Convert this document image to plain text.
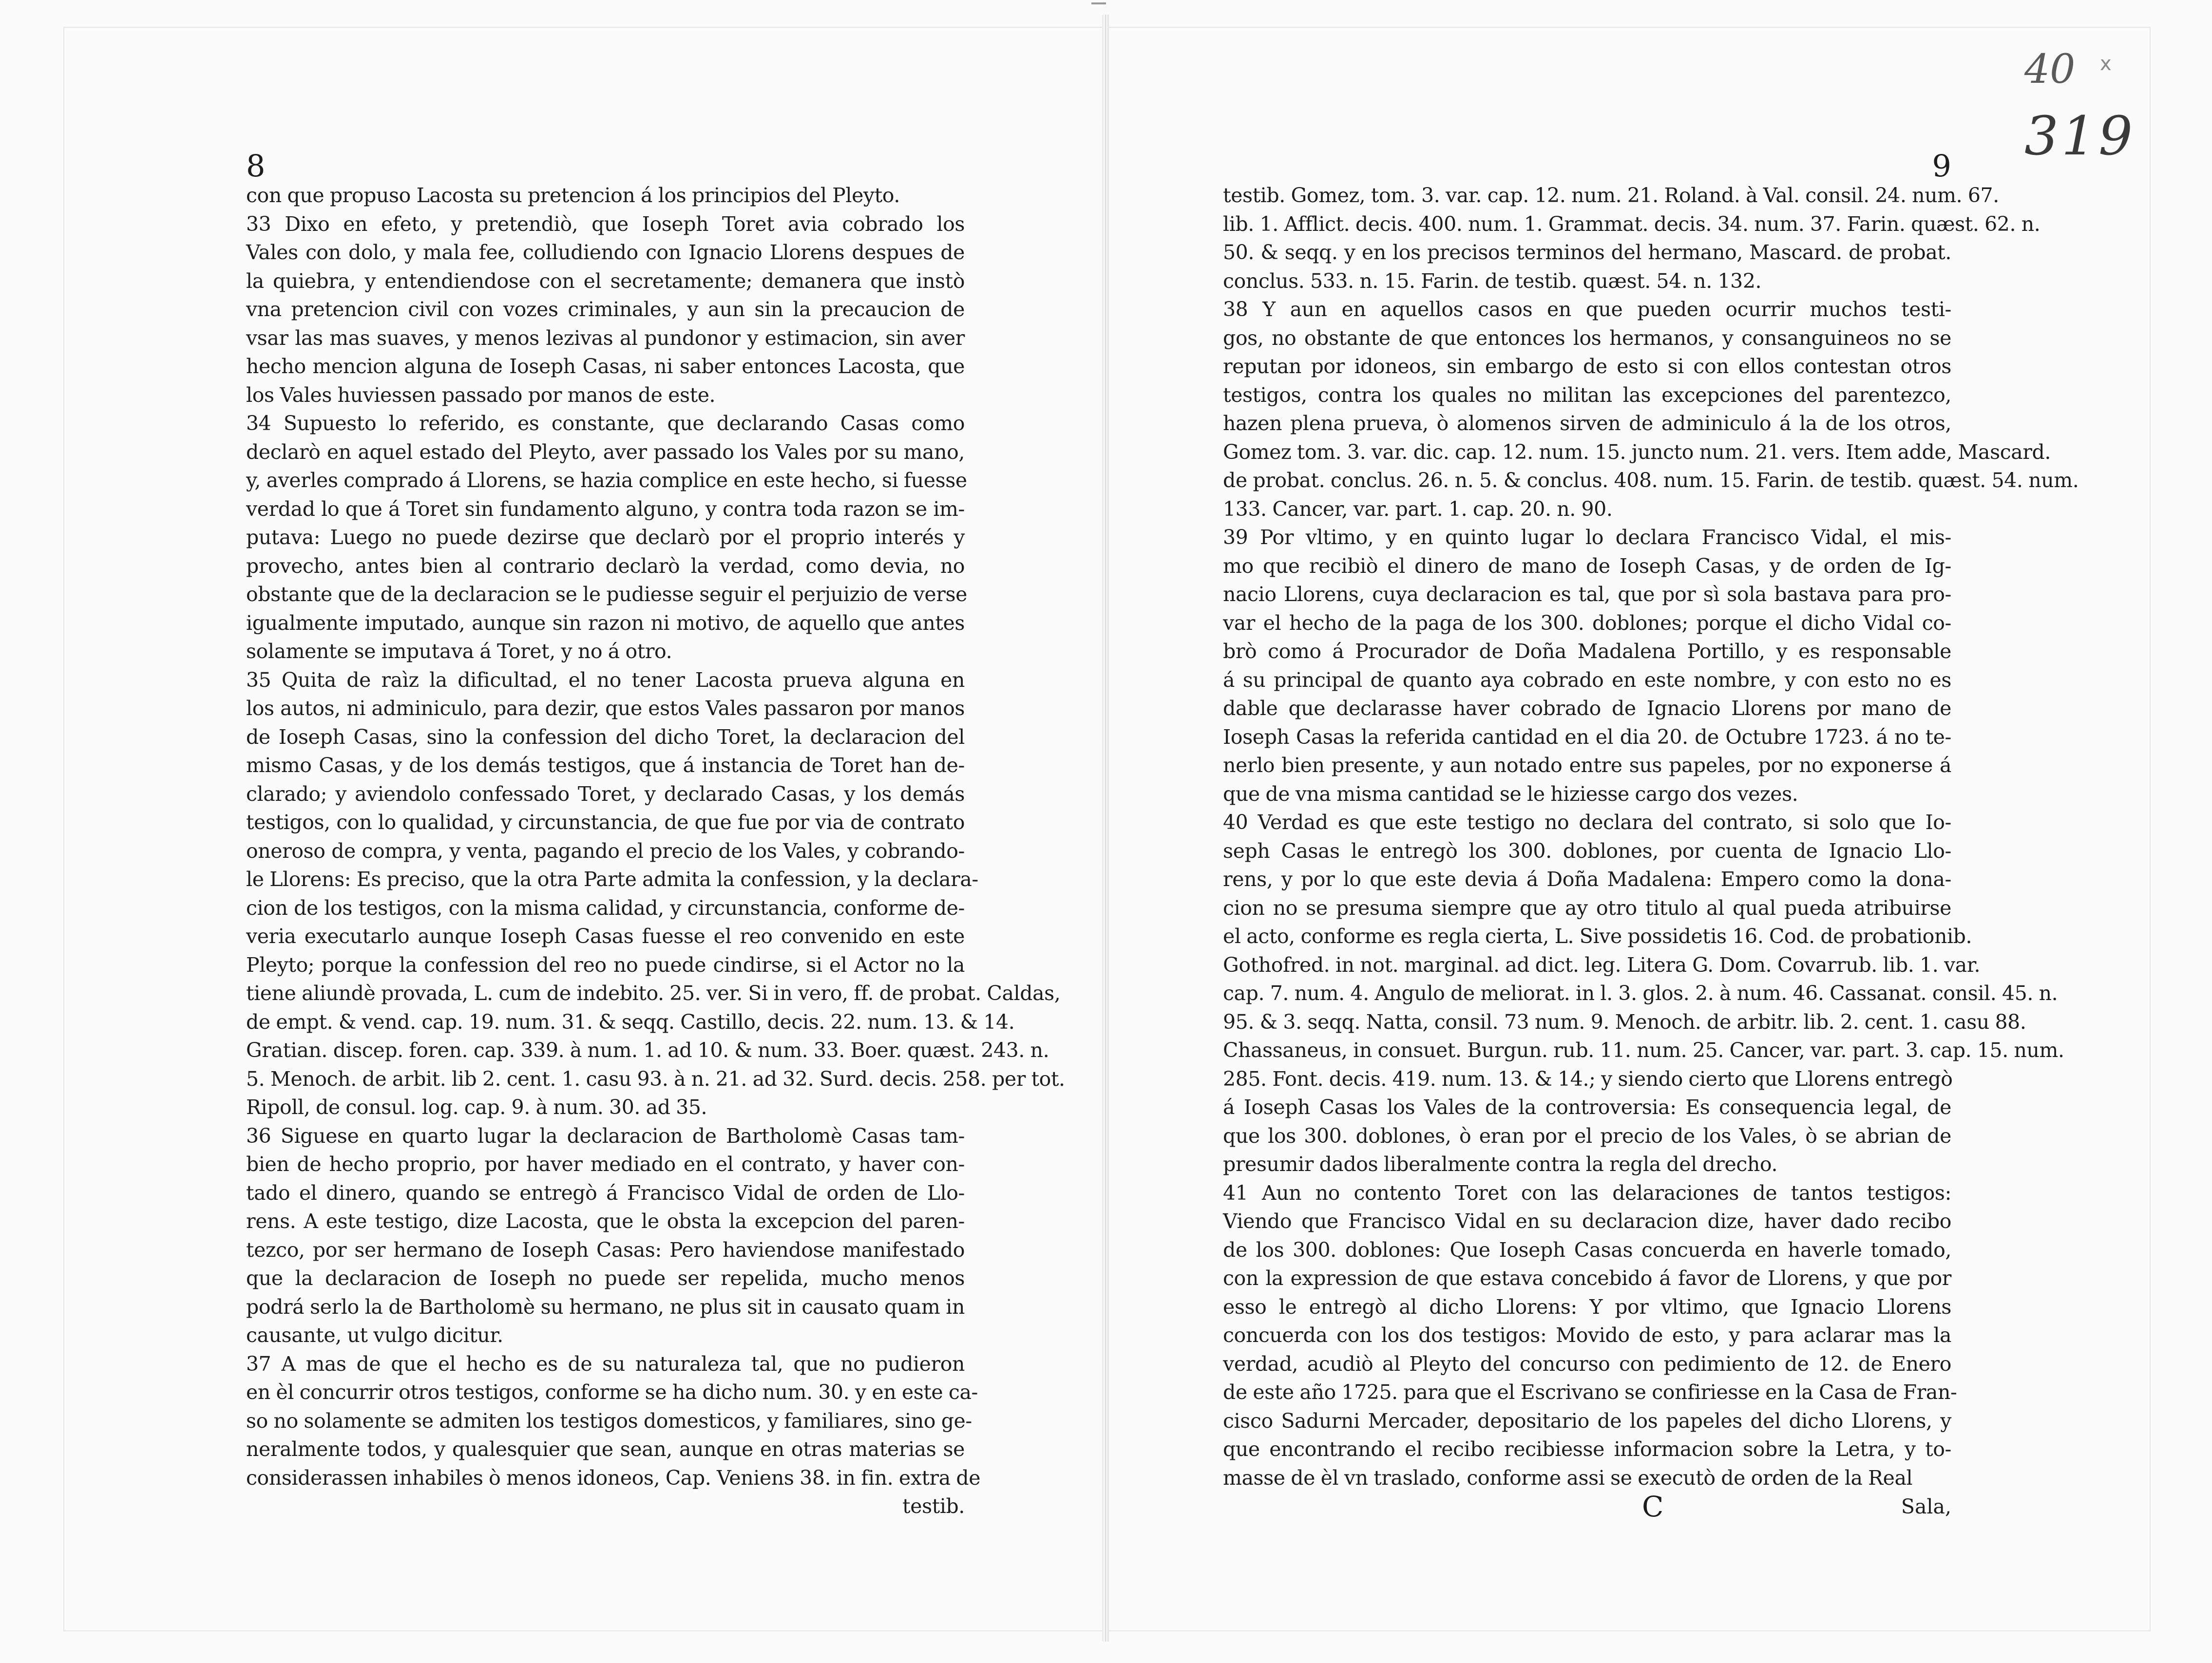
40 x
319
8
con que propuso Lacosta su pretencion á los principios del Pleyto.
33 Dixo en efeto, y pretendiò, que Ioseph Toret avia cobrado los
Vales con dolo, y mala fee, colludiendo con Ignacio Llorens despues de
la quiebra, y entendiendose con el secretamente; demanera que instò
vna pretencion civil con vozes criminales, y aun sin la precaucion de
vsar las mas suaves, y menos lezivas al pundonor y estimacion, sin aver
hecho mencion alguna de Ioseph Casas, ni saber entonces Lacosta, que
los Vales huviessen passado por manos de este.
34 Supuesto lo referido, es constante, que declarando Casas como
declarò en aquel estado del Pleyto, aver passado los Vales por su mano,
y, averles comprado á Llorens, se hazia complice en este hecho, si fuesse
verdad lo que á Toret sin fundamento alguno, y contra toda razon se im-
putava: Luego no puede dezirse que declarò por el proprio interés y
provecho, antes bien al contrario declarò la verdad, como devia, no
obstante que de la declaracion se le pudiesse seguir el perjuizio de verse
igualmente imputado, aunque sin razon ni motivo, de aquello que antes
solamente se imputava á Toret, y no á otro.
35 Quita de raìz la dificultad, el no tener Lacosta prueva alguna en
los autos, ni adminiculo, para dezir, que estos Vales passaron por manos
de Ioseph Casas, sino la confession del dicho Toret, la declaracion del
mismo Casas, y de los demás testigos, que á instancia de Toret han de-
clarado; y aviendolo confessado Toret, y declarado Casas, y los demás
testigos, con lo qualidad, y circunstancia, de que fue por via de contrato
oneroso de compra, y venta, pagando el precio de los Vales, y cobrando-
le Llorens: Es preciso, que la otra Parte admita la confession, y la declara-
cion de los testigos, con la misma calidad, y circunstancia, conforme de-
veria executarlo aunque Ioseph Casas fuesse el reo convenido en este
Pleyto; porque la confession del reo no puede cindirse, si el Actor no la
tiene aliundè provada, L. cum de indebito. 25. ver. Si in vero, ff. de probat. Caldas,
de empt. & vend. cap. 19. num. 31. & seqq. Castillo, decis. 22. num. 13. & 14.
Gratian. discep. foren. cap. 339. à num. 1. ad 10. & num. 33. Boer. quæst. 243. n.
5. Menoch. de arbit. lib 2. cent. 1. casu 93. à n. 21. ad 32. Surd. decis. 258. per tot.
Ripoll, de consul. log. cap. 9. à num. 30. ad 35.
36 Siguese en quarto lugar la declaracion de Bartholomè Casas tam-
bien de hecho proprio, por haver mediado en el contrato, y haver con-
tado el dinero, quando se entregò á Francisco Vidal de orden de Llo-
rens. A este testigo, dize Lacosta, que le obsta la excepcion del paren-
tezco, por ser hermano de Ioseph Casas: Pero haviendose manifestado
que la declaracion de Ioseph no puede ser repelida, mucho menos
podrá serlo la de Bartholomè su hermano, ne plus sit in causato quam in
causante, ut vulgo dicitur.
37 A mas de que el hecho es de su naturaleza tal, que no pudieron
en èl concurrir otros testigos, conforme se ha dicho num. 30. y en este ca-
so no solamente se admiten los testigos domesticos, y familiares, sino ge-
neralmente todos, y qualesquier que sean, aunque en otras materias se
considerassen inhabiles ò menos idoneos, Cap. Veniens 38. in fin. extra de
testib.
9
testib. Gomez, tom. 3. var. cap. 12. num. 21. Roland. à Val. consil. 24. num. 67.
lib. 1. Afflict. decis. 400. num. 1. Grammat. decis. 34. num. 37. Farin. quæst. 62. n.
50. & seqq. y en los precisos terminos del hermano, Mascard. de probat.
conclus. 533. n. 15. Farin. de testib. quæst. 54. n. 132.
38 Y aun en aquellos casos en que pueden ocurrir muchos testi-
gos, no obstante de que entonces los hermanos, y consanguineos no se
reputan por idoneos, sin embargo de esto si con ellos contestan otros
testigos, contra los quales no militan las excepciones del parentezco,
hazen plena prueva, ò alomenos sirven de adminiculo á la de los otros,
Gomez tom. 3. var. dic. cap. 12. num. 15. juncto num. 21. vers. Item adde, Mascard.
de probat. conclus. 26. n. 5. & conclus. 408. num. 15. Farin. de testib. quæst. 54. num.
133. Cancer, var. part. 1. cap. 20. n. 90.
39 Por vltimo, y en quinto lugar lo declara Francisco Vidal, el mis-
mo que recibiò el dinero de mano de Ioseph Casas, y de orden de Ig-
nacio Llorens, cuya declaracion es tal, que por sì sola bastava para pro-
var el hecho de la paga de los 300. doblones; porque el dicho Vidal co-
brò como á Procurador de Doña Madalena Portillo, y es responsable
á su principal de quanto aya cobrado en este nombre, y con esto no es
dable que declarasse haver cobrado de Ignacio Llorens por mano de
Ioseph Casas la referida cantidad en el dia 20. de Octubre 1723. á no te-
nerlo bien presente, y aun notado entre sus papeles, por no exponerse á
que de vna misma cantidad se le hiziesse cargo dos vezes.
40 Verdad es que este testigo no declara del contrato, si solo que Io-
seph Casas le entregò los 300. doblones, por cuenta de Ignacio Llo-
rens, y por lo que este devia á Doña Madalena: Empero como la dona-
cion no se presuma siempre que ay otro titulo al qual pueda atribuirse
el acto, conforme es regla cierta, L. Sive possidetis 16. Cod. de probationib.
Gothofred. in not. marginal. ad dict. leg. Litera G. Dom. Covarrub. lib. 1. var.
cap. 7. num. 4. Angulo de meliorat. in l. 3. glos. 2. à num. 46. Cassanat. consil. 45. n.
95. & 3. seqq. Natta, consil. 73 num. 9. Menoch. de arbitr. lib. 2. cent. 1. casu 88.
Chassaneus, in consuet. Burgun. rub. 11. num. 25. Cancer, var. part. 3. cap. 15. num.
285. Font. decis. 419. num. 13. & 14.; y siendo cierto que Llorens entregò
á Ioseph Casas los Vales de la controversia: Es consequencia legal, de
que los 300. doblones, ò eran por el precio de los Vales, ò se abrian de
presumir dados liberalmente contra la regla del drecho.
41 Aun no contento Toret con las delaraciones de tantos testigos:
Viendo que Francisco Vidal en su declaracion dize, haver dado recibo
de los 300. doblones: Que Ioseph Casas concuerda en haverle tomado,
con la expression de que estava concebido á favor de Llorens, y que por
esso le entregò al dicho Llorens: Y por vltimo, que Ignacio Llorens
concuerda con los dos testigos: Movido de esto, y para aclarar mas la
verdad, acudiò al Pleyto del concurso con pedimiento de 12. de Enero
de este año 1725. para que el Escrivano se confiriesse en la Casa de Fran-
cisco Sadurni Mercader, depositario de los papeles del dicho Llorens, y
que encontrando el recibo recibiesse informacion sobre la Letra, y to-
masse de èl vn traslado, conforme assi se executò de orden de la Real
C	Sala,
